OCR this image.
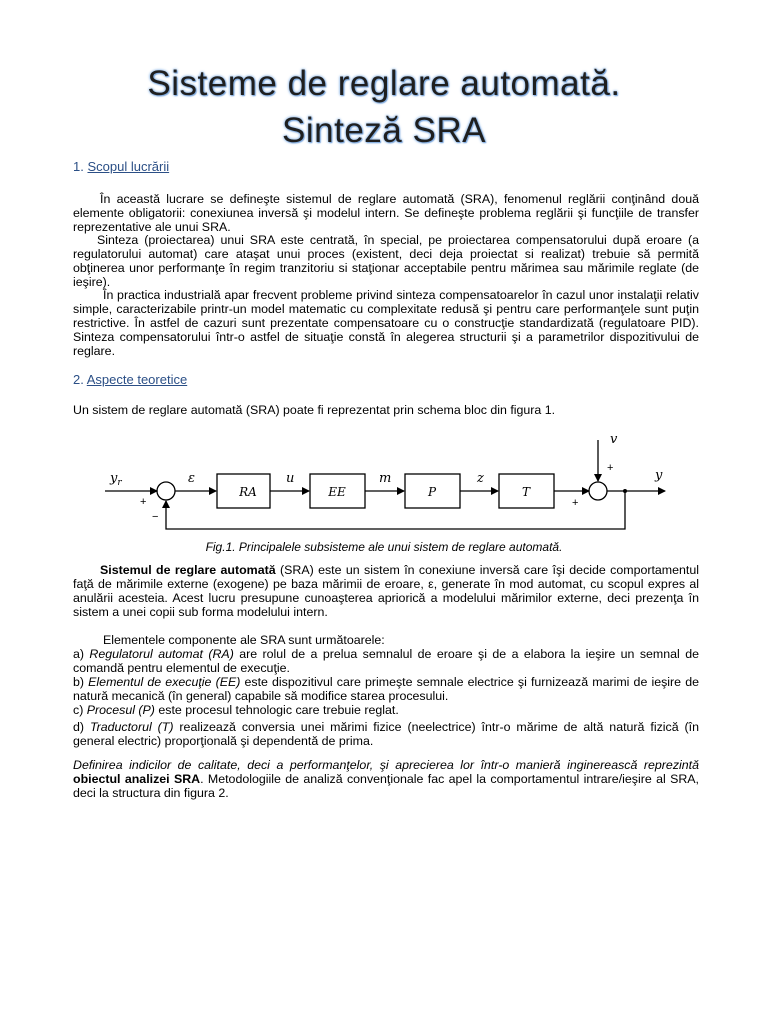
Sisteme de reglare automată.
Sinteză SRA
1. Scopul lucrării
În această lucrare se defineşte sistemul de reglare automată (SRA), fenomenul reglării conţinând două elemente obligatorii: conexiunea inversă şi modelul intern. Se defineşte problema reglării şi funcţiile de transfer reprezentative ale unui SRA.
Sinteza (proiectarea) unui SRA este centrată, în special, pe proiectarea compensatorului după eroare (a regulatorului automat) care ataşat unui proces (existent, deci deja proiectat si realizat) trebuie să permită obţinerea unor performanţe în regim tranzitoriu si staţionar acceptabile pentru mărimea sau mărimile reglate (de ieşire).
În practica industrială apar frecvent probleme privind sinteza compensatoarelor în cazul unor instalaţii relativ simple, caracterizabile printr-un model matematic cu complexitate redusă şi pentru care performanţele sunt puţin restrictive. În astfel de cazuri sunt prezentate compensatoare cu o construcţie standardizată (regulatoare PID). Sinteza compensatorului într-o astfel de situaţie constă în alegerea structurii şi a parametrilor dispozitivului de reglare.
2. Aspecte teoretice
Un sistem de reglare automată (SRA) poate fi reprezentat prin schema bloc din figura 1.
RA	EE	P	T
$y_r$	ε	u	m	z
v
y
+
−
+
+
Fig.1. Principalele subsisteme ale unui sistem de reglare automată.
Sistemul de reglare automată (SRA) este un sistem în conexiune inversă care îşi decide comportamentul faţă de mărimile externe (exogene) pe baza mărimii de eroare, ε, generate în mod automat, cu scopul expres al anulării acesteia. Acest lucru presupune cunoaşterea apriorică a modelului mărimilor externe, deci prezenţa în sistem a unei copii sub forma modelului intern.
Elementele componente ale SRA sunt următoarele:
a) Regulatorul automat (RA) are rolul de a prelua semnalul de eroare şi de a elabora la ieşire un semnal de comandă pentru elementul de execuţie.
b) Elementul de execuţie (EE) este dispozitivul care primeşte semnale electrice şi furnizează marimi de ieşire de natură mecanică (în general) capabile să modifice starea procesului.
c) Procesul (P) este procesul tehnologic care trebuie reglat.
d) Traductorul (T) realizează conversia unei mărimi fizice (neelectrice) într-o mărime de altă natură fizică (în general electric) proporţională şi dependentă de prima.
Definirea indicilor de calitate, deci a performanţelor, şi aprecierea lor într-o manieră inginerească reprezintă obiectul analizei SRA. Metodologiile de analiză convenţionale fac apel la comportamentul intrare/ieşire al SRA, deci la structura din figura 2.
